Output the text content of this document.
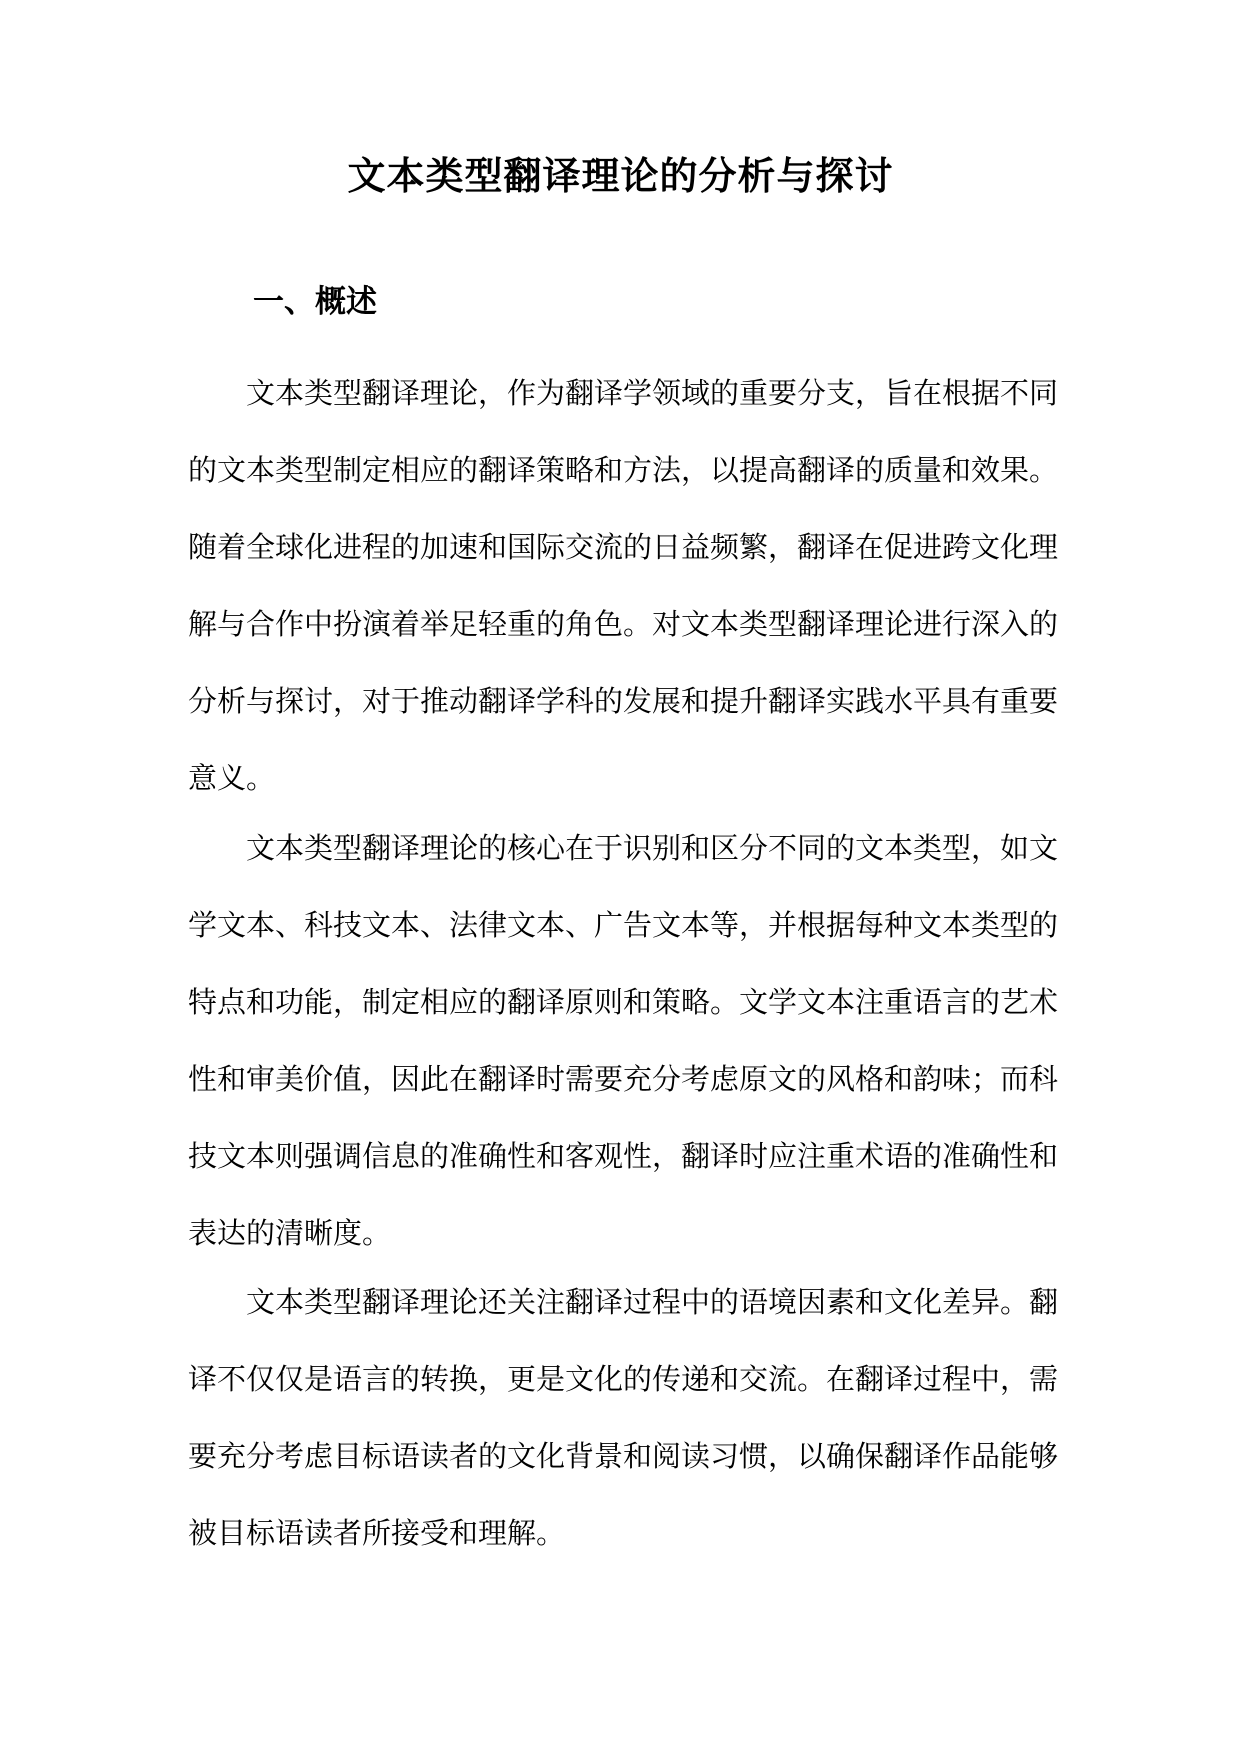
文本类型翻译理论的分析与探讨
一、概述

文本类型翻译理论，作为翻译学领域的重要分支，旨在根据不同的文本类型制定相应的翻译策略和方法，以提高翻译的质量和效果。随着全球化进程的加速和国际交流的日益频繁，翻译在促进跨文化理解与合作中扮演着举足轻重的角色。对文本类型翻译理论进行深入的分析与探讨，对于推动翻译学科的发展和提升翻译实践水平具有重要意义。

文本类型翻译理论的核心在于识别和区分不同的文本类型，如文学文本、科技文本、法律文本、广告文本等，并根据每种文本类型的特点和功能，制定相应的翻译原则和策略。文学文本注重语言的艺术性和审美价值，因此在翻译时需要充分考虑原文的风格和韵味；而科技文本则强调信息的准确性和客观性，翻译时应注重术语的准确性和表达的清晰度。

文本类型翻译理论还关注翻译过程中的语境因素和文化差异。翻译不仅仅是语言的转换，更是文化的传递和交流。在翻译过程中，需要充分考虑目标语读者的文化背景和阅读习惯，以确保翻译作品能够被目标语读者所接受和理解。
